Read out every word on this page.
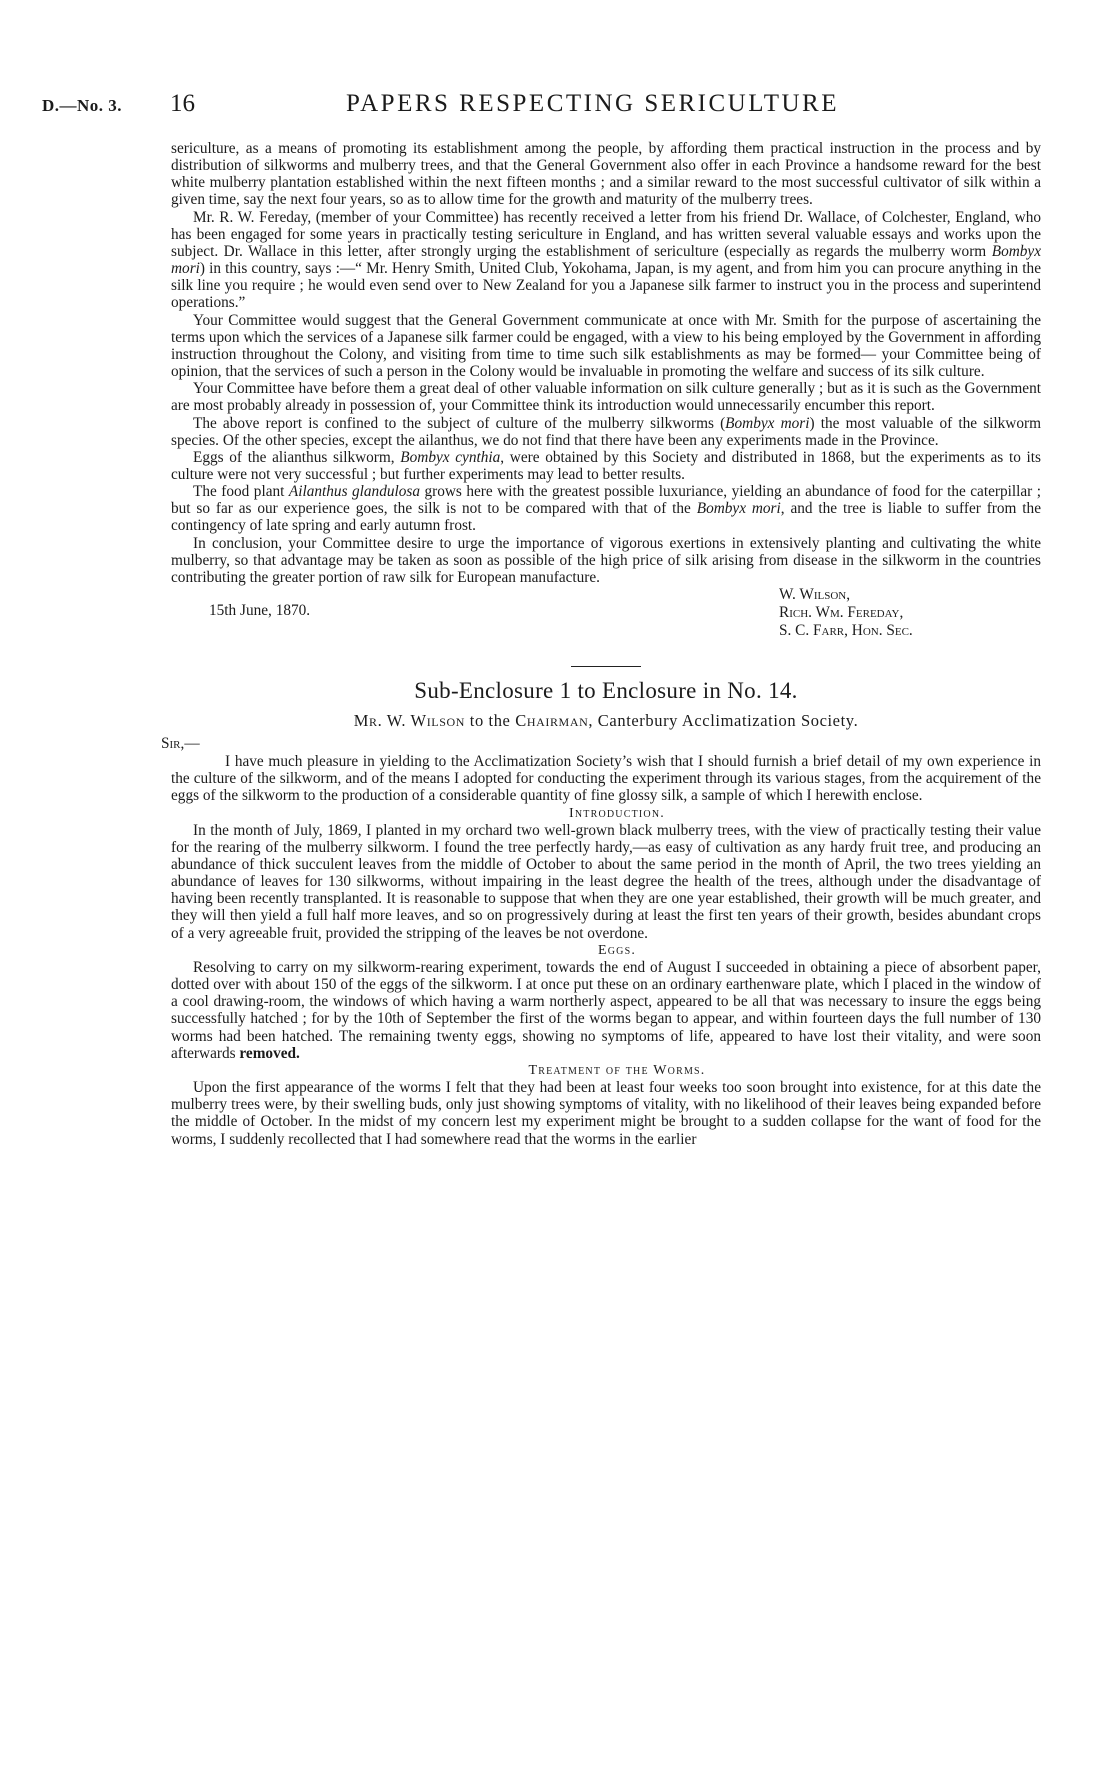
D.—No. 3. 16	PAPERS RESPECTING SERICULTURE

sericulture, as a means of promoting its establishment among the people, by affording them practical instruction in the process and by distribution of silkworms and mulberry trees, and that the General Government also offer in each Province a handsome reward for the best white mulberry plantation established within the next fifteen months ; and a similar reward to the most successful cultivator of silk within a given time, say the next four years, so as to allow time for the growth and maturity of the mulberry trees.

Mr. R. W. Fereday, (member of your Committee) has recently received a letter from his friend Dr. Wallace, of Colchester, England, who has been engaged for some years in practically testing sericulture in England, and has written several valuable essays and works upon the subject. Dr. Wallace in this letter, after strongly urging the establishment of sericulture (especially as regards the mulberry worm Bombyx mori) in this country, says :—“ Mr. Henry Smith, United Club, Yokohama, Japan, is my agent, and from him you can procure anything in the silk line you require ; he would even send over to New Zealand for you a Japanese silk farmer to instruct you in the process and superintend operations.”

Your Committee would suggest that the General Government communicate at once with Mr. Smith for the purpose of ascertaining the terms upon which the services of a Japanese silk farmer could be engaged, with a view to his being employed by the Government in affording instruction throughout the Colony, and visiting from time to time such silk establishments as may be formed— your Committee being of opinion, that the services of such a person in the Colony would be invaluable in promoting the welfare and success of its silk culture.

Your Committee have before them a great deal of other valuable information on silk culture generally ; but as it is such as the Government are most probably already in possession of, your Committee think its introduction would unnecessarily encumber this report.

The above report is confined to the subject of culture of the mulberry silkworms (Bombyx mori) the most valuable of the silkworm species. Of the other species, except the ailanthus, we do not find that there have been any experiments made in the Province.

Eggs of the alianthus silkworm, Bombyx cynthia, were obtained by this Society and distributed in 1868, but the experiments as to its culture were not very successful ; but further experiments may lead to better results.

The food plant Ailanthus glandulosa grows here with the greatest possible luxuriance, yielding an abundance of food for the caterpillar ; but so far as our experience goes, the silk is not to be compared with that of the Bombyx mori, and the tree is liable to suffer from the contingency of late spring and early autumn frost.

In conclusion, your Committee desire to urge the importance of vigorous exertions in extensively planting and cultivating the white mulberry, so that advantage may be taken as soon as possible of the high price of silk arising from disease in the silkworm in the countries contributing the greater portion of raw silk for European manufacture.

15th June, 1870.
W. Wilson,
Rich. Wm. Fereday,
S. C. Farr, Hon. Sec.

Sub-Enclosure 1 to Enclosure in No. 14.

Mr. W. Wilson to the Chairman, Canterbury Acclimatization Society.
Sir,—

I have much pleasure in yielding to the Acclimatization Society’s wish that I should furnish a brief detail of my own experience in the culture of the silkworm, and of the means I adopted for conducting the experiment through its various stages, from the acquirement of the eggs of the silkworm to the production of a considerable quantity of fine glossy silk, a sample of which I herewith enclose.

Introduction.

In the month of July, 1869, I planted in my orchard two well-grown black mulberry trees, with the view of practically testing their value for the rearing of the mulberry silkworm. I found the tree perfectly hardy,—as easy of cultivation as any hardy fruit tree, and producing an abundance of thick succulent leaves from the middle of October to about the same period in the month of April, the two trees yielding an abundance of leaves for 130 silkworms, without impairing in the least degree the health of the trees, although under the disadvantage of having been recently transplanted. It is reasonable to suppose that when they are one year established, their growth will be much greater, and they will then yield a full half more leaves, and so on progressively during at least the first ten years of their growth, besides abundant crops of a very agreeable fruit, provided the stripping of the leaves be not overdone.

Eggs.

Resolving to carry on my silkworm-rearing experiment, towards the end of August I succeeded in obtaining a piece of absorbent paper, dotted over with about 150 of the eggs of the silkworm. I at once put these on an ordinary earthenware plate, which I placed in the window of a cool drawing-room, the windows of which having a warm northerly aspect, appeared to be all that was necessary to insure the eggs being successfully hatched ; for by the 10th of September the first of the worms began to appear, and within fourteen days the full number of 130 worms had been hatched. The remaining twenty eggs, showing no symptoms of life, appeared to have lost their vitality, and were soon afterwards removed.

Treatment of the Worms.

Upon the first appearance of the worms I felt that they had been at least four weeks too soon brought into existence, for at this date the mulberry trees were, by their swelling buds, only just showing symptoms of vitality, with no likelihood of their leaves being expanded before the middle of October. In the midst of my concern lest my experiment might be brought to a sudden collapse for the want of food for the worms, I suddenly recollected that I had somewhere read that the worms in the earlier
